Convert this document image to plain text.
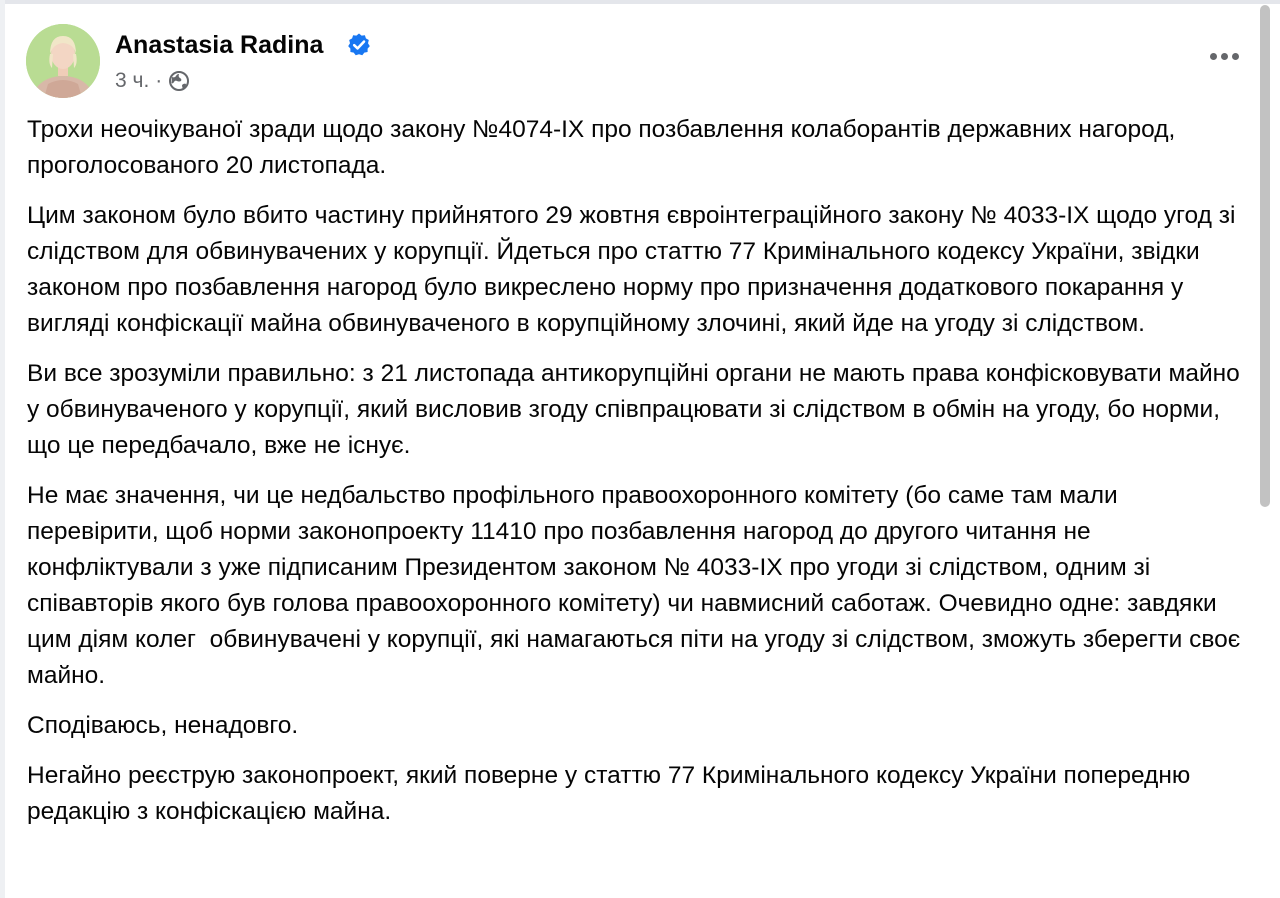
Anastasia Radina
3 ч. ·

Трохи неочікуваної зради щодо закону №4074-IX про позбавлення колаборантів державних нагород, проголосованого 20 листопада.

Цим законом було вбито частину прийнятого 29 жовтня євроінтеграційного закону № 4033-IX щодо угод зі слідством для обвинувачених у корупції. Йдеться про статтю 77 Кримінального кодексу України, звідки законом про позбавлення нагород було викреслено норму про призначення додаткового покарання у вигляді конфіскації майна обвинуваченого в корупційному злочині, який йде на угоду зі слідством.

Ви все зрозуміли правильно: з 21 листопада антикорупційні органи не мають права конфісковувати майно у обвинуваченого у корупції, який висловив згоду співпрацювати зі слідством в обмін на угоду, бо норми, що це передбачало, вже не існує.

Не має значення, чи це недбальство профільного правоохоронного комітету (бо саме там мали  перевірити, щоб норми законопроекту 11410 про позбавлення нагород до другого читання не конфліктували з уже підписаним Президентом законом № 4033-IX про угоди зі слідством, одним зі співавторів якого був голова правоохоронного комітету) чи навмисний саботаж. Очевидно одне: завдяки цим діям колег  обвинувачені у корупції, які намагаються піти на угоду зі слідством, зможуть зберегти своє майно.

Сподіваюсь, ненадовго.

Негайно реєструю законопроект, який поверне у статтю 77 Кримінального кодексу України попередню редакцію з конфіскацією майна.
